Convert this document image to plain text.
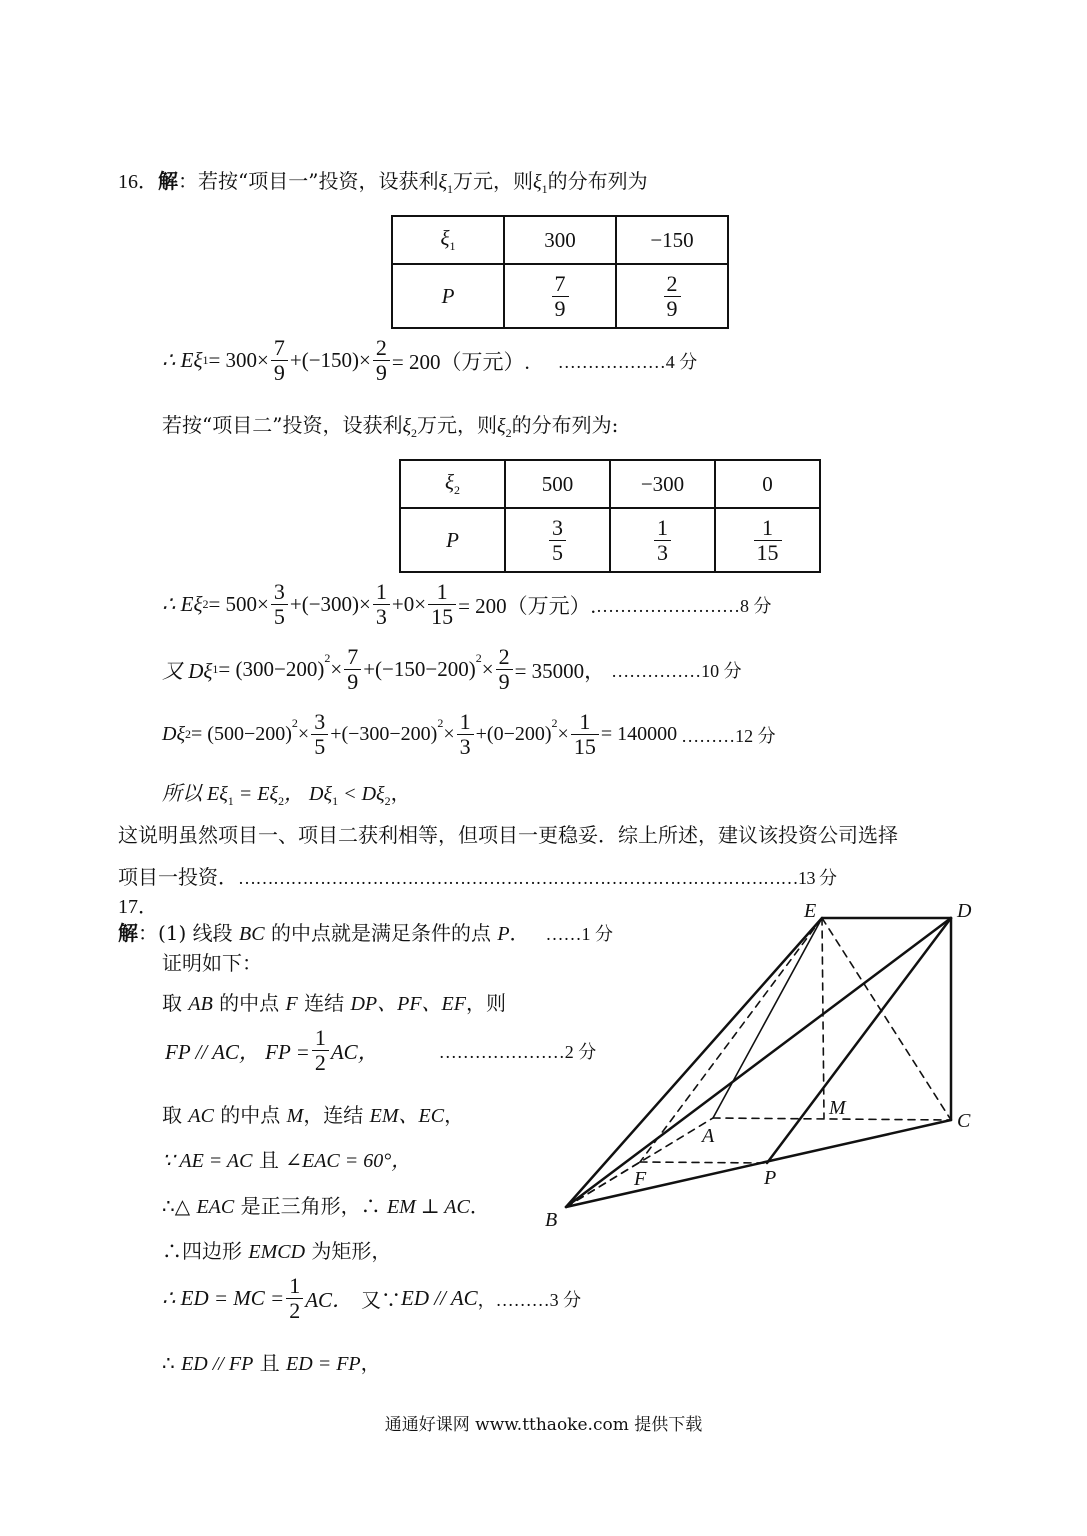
16．解：若按“项目一”投资，设获利$\xi_1$万元，则$\xi_1$的分布列为
$\xi_1$	300	−150
P	$\frac{7}{9}$	$\frac{2}{9}$
∴ Eξ $1 = 300\times \frac{7}{9} +(-150)\times \frac{2}{9} = 200$（万元）. ………………4 分
若按“项目二”投资，设获利$\xi_2$万元，则$\xi_2$的分布列为:
$\xi_2$	500	−300	0
P	$\frac{3}{5}$	$\frac{1}{3}$	$\frac{1}{15}$
∴ Eξ $2 = 500\times \frac{3}{5} +(-300)\times \frac{1}{3} +0\times \frac{1}{15} = 200$（万元）. ……………………8 分
又 Dξ $1 = (300-200)^2 \times \frac{7}{9} +(-150-200)^2 \times \frac{2}{9} = 35000$， ……………10 分
Dξ $2 = (500-200)^2 \times \frac{3}{5} +(-300-200)^2 \times \frac{1}{3} +(0-200)^2 \times \frac{1}{15} = 140000$ ………12 分
所以 $E\xi_1 = E\xi_2$， $D\xi_1 < D\xi_2$，
这说明虽然项目一、项目二获利相等，但项目一更稳妥．综上所述，建议该投资公司选择
项目一投资．……………………………………………………………………………………13 分
17．
解：(1) 线段 BC 的中点就是满足条件的点 P． ……1 分
证明如下：
取 AB 的中点 F 连结 DP、PF、EF，则
FP // AC， FP = $\frac{1}{2}$ AC，	…………………2 分
取 AC 的中点 M，连结 EM、EC，
∵ AE = AC 且 ∠EAC = 60°，
∴△ EAC 是正三角形，∴ EM ⊥ AC．
∴四边形 EMCD 为矩形，
∴ ED = MC = $\frac{1}{2}$ AC． 又∵ ED // AC ，………3 分
∴ ED // FP 且 ED = FP，
E	D
A
M
C
F	P
B
通通好课网 www.tthaoke.com 提供下载
